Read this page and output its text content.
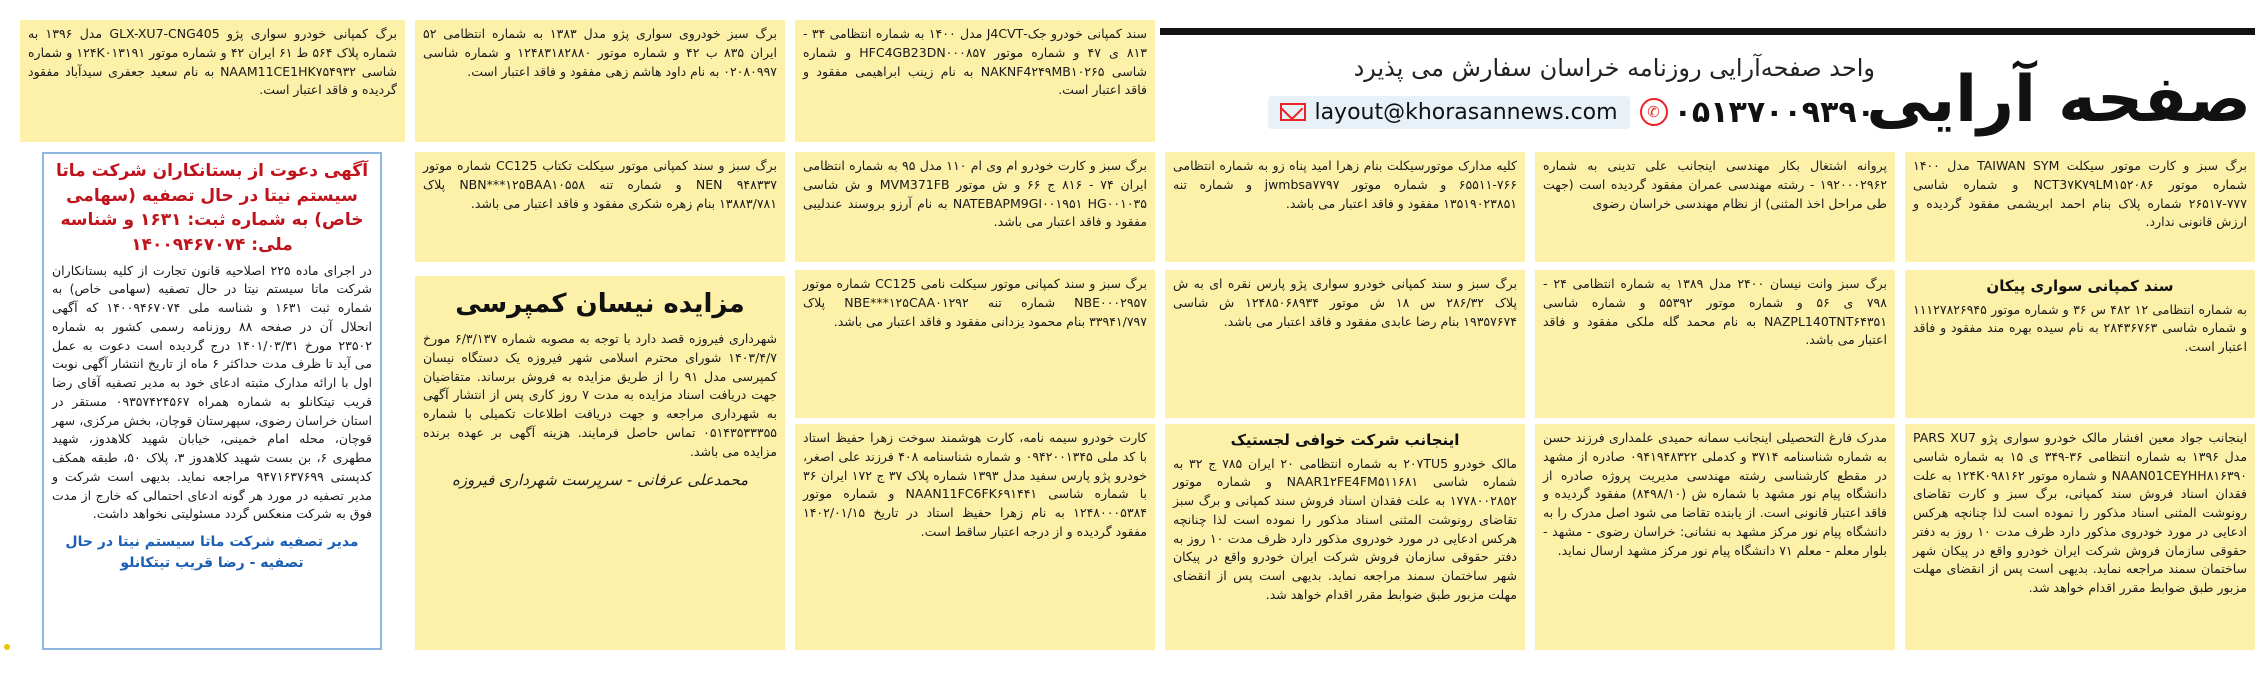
صفحه آرایی
واحد صفحه‌آرایی روزنامه خراسان سفارش می پذیرد
layout@khorasannews.com	✆ ۰۵۱۳۷۰۰۹۳۹۰
برگ سبز و کارت موتور سیکلت TAIWAN SYM مدل ۱۴۰۰ شماره موتور NCT3۷K۷۹LM۱۵۲۰۸۶ و شماره شاسی ۷۷۷-۲۶۵۱۷ شماره پلاک بنام احمد ابریشمی مفقود گردیده و ارزش قانونی ندارد.
سند کمپانی سواری پیکان
به شماره انتظامی ۱۲ ۴۸۲ س ۳۶ و شماره موتور ۱۱۱۲۷۸۲۶۹۴۵ و شماره شاسی ۲۸۴۳۶۷۶۳ به نام سیده بهره مند مفقود و فاقد اعتبار است.
اینجانب جواد معین افشار مالک خودرو سواری پژو PARS XU7 مدل ۱۳۹۶ به شماره انتظامی ۳۶-۳۴۹ ی ۱۵ به شماره شاسی NAAN01CEYHH۸۱۶۳۹۰ و شماره موتور ۱۲۴K۰۹۸۱۶۲ به علت فقدان اسناد فروش سند کمپانی، برگ سبز و کارت تقاضای رونوشت المثنی اسناد مذکور را نموده است لذا چنانچه هرکس ادعایی در مورد خودروی مذکور دارد ظرف مدت ۱۰ روز به دفتر حقوقی سازمان فروش شرکت ایران خودرو واقع در پیکان شهر ساختمان سمند مراجعه نماید. بدیهی است پس از انقضای مهلت مزبور طبق ضوابط مقرر اقدام خواهد شد.
پروانه اشتغال بکار مهندسی اینجانب علی تدینی به شماره ۱۹۲۰۰۰۲۹۶۲ - رشته مهندسی عمران مفقود گردیده است (جهت طی مراحل اخذ المثنی) از نظام مهندسی خراسان رضوی
برگ سبز وانت نیسان ۲۴۰۰ مدل ۱۳۸۹ به شماره انتظامی ۲۴ - ۷۹۸ ی ۵۶ و شماره موتور ۵۵۳۹۲ و شماره شاسی NAZPL140TNT۶۴۳۵۱ به نام محمد گله ملکی مفقود و فاقد اعتبار می باشد.
مدرک فارغ التحصیلی اینجانب سمانه حمیدی علمداری فرزند حسن به شماره شناسنامه ۳۷۱۴ و کدملی ۰۹۴۱۹۴۸۳۲۲ صادره از مشهد در مقطع کارشناسی رشته مهندسی مدیریت پروژه صادره از دانشگاه پیام نور مشهد با شماره ش (۸۴۹۸/۱۰) مفقود گردیده و فاقد اعتبار قانونی است. از یابنده تقاضا می شود اصل مدرک را به دانشگاه پیام نور مرکز مشهد به نشانی: خراسان رضوی - مشهد - بلوار معلم - معلم ۷۱ دانشگاه پیام نور مرکز مشهد ارسال نماید.
کلیه مدارک موتورسیکلت بنام زهرا امید پناه زو به شماره انتظامی ۷۶۶-۶۵۵۱۱ و شماره موتور jwmbsa۷۷۹۷ و شماره تنه ۱۳۵۱۹۰۲۳۸۵۱ مفقود و فاقد اعتبار می باشد.
برگ سبز و سند کمپانی خودرو سواری پژو پارس نقره ای به ش پلاک ۲۸۶/۳۲ س ۱۸ ش موتور ۱۲۴۸۵۰۶۸۹۳۴ ش شاسی ۱۹۳۵۷۶۷۴ بنام رضا عابدی مفقود و فاقد اعتبار می باشد.
اینجانب شرکت خوافی لجستیک
مالک خودرو ۲۰۷TU5 به شماره انتظامی ۲۰ ایران ۷۸۵ ج ۳۲ به شماره شاسی NAAR1۲FE4FM۵۱۱۶۸۱ و شماره موتور ۱۷۷۸۰۰۲۸۵۲ به علت فقدان اسناد فروش سند کمپانی و برگ سبز تقاضای رونوشت المثنی اسناد مذکور را نموده است لذا چنانچه هرکس ادعایی در مورد خودروی مذکور دارد ظرف مدت ۱۰ روز به دفتر حقوقی سازمان فروش شرکت ایران خودرو واقع در پیکان شهر ساختمان سمند مراجعه نماید. بدیهی است پس از انقضای مهلت مزبور طبق ضوابط مقرر اقدام خواهد شد.
سند کمپانی خودرو جک-J4CVT مدل ۱۴۰۰ به شماره انتظامی ۳۴ - ۸۱۳ ی ۴۷ و شماره موتور HFC4GB23DN۰۰۰۸۵۷ و شماره شاسی NAKNF4۲۴۹MB۱۰۲۶۵ به نام زینب ابراهیمی مفقود و فاقد اعتبار است.
برگ سبز و کارت خودرو ام وی ام ۱۱۰ مدل ۹۵ به شماره انتظامی ایران ۷۴ - ۸۱۶ ج ۶۶ و ش موتور MVM371FB و ش شاسی NATEBAPM9GI۰۰۱۹۵۱ HG۰۰۱۰۳۵ به نام آرزو بروسند عندلیبی مفقود و فاقد اعتبار می باشد.
برگ سبز و سند کمپانی موتور سیکلت نامی CC125 شماره موتور NBE۰۰۰۲۹۵۷ شماره تنه NBE***۱۲۵CAA۰۱۲۹۲ پلاک ۳۳۹۴۱/۷۹۷ بنام محمود یزدانی مفقود و فاقد اعتبار می باشد.
کارت خودرو سیمه نامه، کارت هوشمند سوخت زهرا حفیظ استاد با کد ملی ۰۹۴۲۰۰۱۳۴۵ و شماره شناسنامه ۴۰۸ فرزند علی اصغر، خودرو پژو پارس سفید مدل ۱۳۹۳ شماره پلاک ۳۷ ج ۱۷۲ ایران ۳۶ با شماره شاسی NAAN11FC6FK۶۹۱۴۴۱ و شماره موتور ۱۲۴۸۰۰۰۵۳۸۴ به نام زهرا حفیظ استاد در تاریخ ۱۴۰۲/۰۱/۱۵ مفقود گردیده و از درجه اعتبار ساقط است.
برگ سبز خودروی سواری پژو مدل ۱۳۸۳ به شماره انتظامی ۵۲ ایران ۸۳۵ ب ۴۲ و شماره موتور ۱۲۴۸۳۱۸۲۸۸۰ و شماره شاسی ۰۲۰۸۰۹۹۷ به نام داود هاشم زهی مفقود و فاقد اعتبار است.
برگ سبز و سند کمپانی موتور سیکلت تکتاب CC125 شماره موتور ۹۴۸۳۳۷ NEN و شماره تنه NBN***۱۲۵BAA۱۰۵۵۸ پلاک ۱۳۸۸۳/۷۸۱ بنام زهره شکری مفقود و فاقد اعتبار می باشد.
مزایده نیسان کمپرسی
شهرداری فیروزه قصد دارد با توجه به مصوبه شماره ۶/۳/۱۳۷ مورخ ۱۴۰۳/۴/۷ شورای محترم اسلامی شهر فیروزه یک دستگاه نیسان کمپرسی مدل ۹۱ را از طریق مزایده به فروش برساند. متقاضیان جهت دریافت اسناد مزایده به مدت ۷ روز کاری پس از انتشار آگهی به شهرداری مراجعه و جهت دریافت اطلاعات تکمیلی با شماره ۰۵۱۴۳۵۳۳۳۵۵ تماس حاصل فرمایند. هزینه آگهی بر عهده برنده مزایده می باشد.
محمدعلی عرفانی - سرپرست شهرداری فیروزه
برگ کمپانی خودرو سواری پژو GLX-XU7-CNG405 مدل ۱۳۹۶ به شماره پلاک ۵۶۴ ط ۶۱ ایران ۴۲ و شماره موتور ۱۲۴K۰۱۳۱۹۱ و شماره شاسی NAAM11CE1HK۷۵۴۹۳۲ به نام سعید جعفری سیدآباد مفقود گردیده و فاقد اعتبار است.
آگهی دعوت از بستانکاران شرکت ماتا سیستم نیتا در حال تصفیه (سهامی خاص) به شماره ثبت: ۱۶۳۱ و شناسه ملی: ۱۴۰۰۹۴۶۷۰۷۴
در اجرای ماده ۲۲۵ اصلاحیه قانون تجارت از کلیه بستانکاران شرکت ماتا سیستم نیتا در حال تصفیه (سهامی خاص) به شماره ثبت ۱۶۳۱ و شناسه ملی ۱۴۰۰۹۴۶۷۰۷۴ که آگهی انحلال آن در صفحه ۸۸ روزنامه رسمی کشور به شماره ۲۳۵۰۲ مورخ ۱۴۰۱/۰۳/۳۱ درج گردیده است دعوت به عمل می آید تا ظرف مدت حداکثر ۶ ماه از تاریخ انتشار آگهی نوبت اول با ارائه مدارک مثبته ادعای خود به مدیر تصفیه آقای رضا قریب تیتکانلو به شماره همراه ۰۹۳۵۷۴۲۴۵۶۷ مستقر در استان خراسان رضوی، سپهرستان قوچان، بخش مرکزی، سهر قوچان، محله امام خمینی، خیابان شهید کلاهدوز، شهید مطهری ۶، بن بست شهید کلاهدوز ۳، پلاک ۵۰، طبقه همکف کدپستی ۹۴۷۱۶۳۷۶۹۹ مراجعه نماید. بدیهی است شرکت و مدیر تصفیه در مورد هر گونه ادعای احتمالی که خارج از مدت فوق به شرکت منعکس گردد مسئولیتی نخواهد داشت.
مدیر تصفیه شرکت ماتا سیستم نیتا در حال تصفیه - رضا قریب تیتکانلو
